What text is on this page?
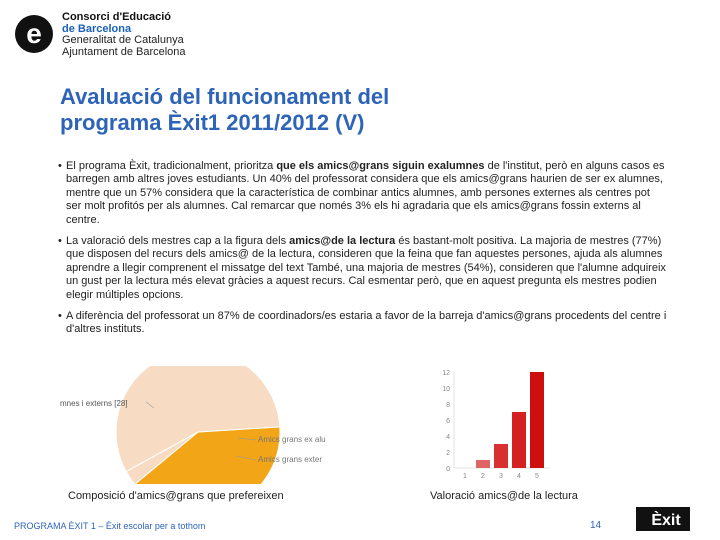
e
Consorci d'Educació
de Barcelona
Generalitat de Catalunya
Ajuntament de Barcelona
Avaluació del funcionament del
programa Èxit1 2011/2012 (V)
• El programa Èxit, tradicionalment, prioritza que els amics@grans siguin exalumnes de l'institut, però en alguns casos es barregen amb altres joves estudiants. Un 40% del professorat considera que els amics@grans haurien de ser ex alumnes, mentre que un 57% considera que la característica de combinar antics alumnes, amb persones externes als centres pot ser molt profitós per als alumnes. Cal remarcar que només 3% els hi agradaria que els amics@grans fossin externs al centre.
• La valoració dels mestres cap a la figura dels amics@de la lectura és bastant-molt positiva. La majoria de mestres (77%) que disposen del recurs dels amics@ de la lectura, consideren que la feina que fan aquestes persones, ajuda als alumnes aprendre a llegir comprenent el missatge del text També, una majoria de mestres (54%), consideren que l'alumne adquireix un gust per la lectura més elevat gràcies a aquest recurs. Cal esmentar però, que en aquest pregunta els mestres podien elegir múltiples opcions.
• A diferència del professorat un 87% de coordinadors/es estaria a favor de la barreja d'amics@grans procedents del centre i d'altres instituts.
mnes i externs [28]
Amics grans ex alu
Amics grans exter
Composició d'amics@grans que prefereixen
12
10
8
6
4
2
0
1 2 3 4 5
Valoració amics@de la lectura
PROGRAMA ÈXIT 1 – Èxit escolar per a tothom	14	Èxit
